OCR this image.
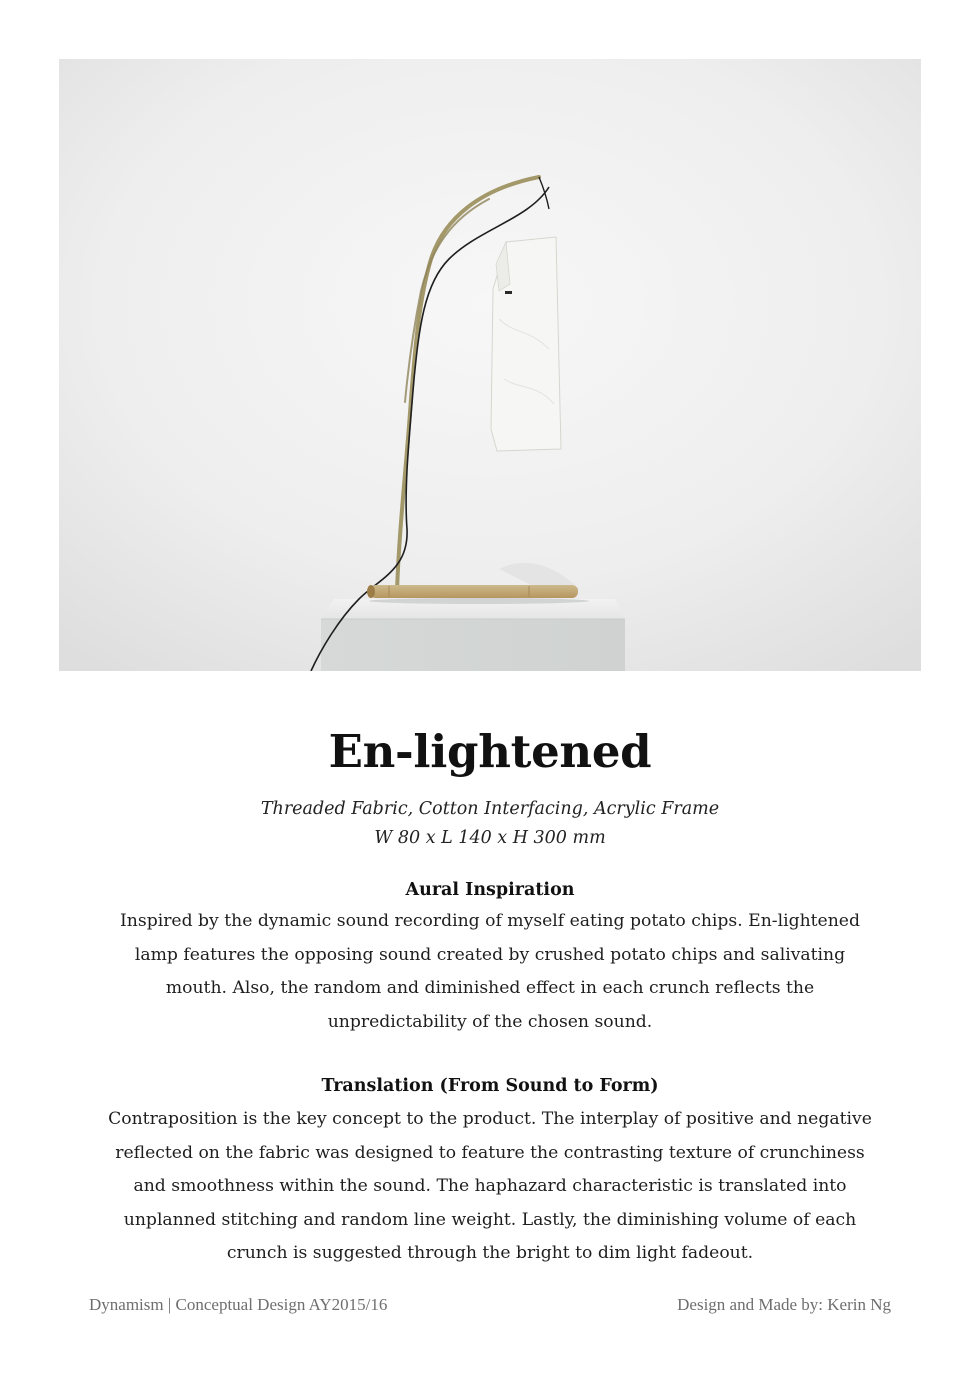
En-lightened
Threaded Fabric, Cotton Interfacing, Acrylic Frame
W 80 x L 140 x H 300 mm
Aural Inspiration
Inspired by the dynamic sound recording of myself eating potato chips. En-lightened
lamp features the opposing sound created by crushed potato chips and salivating
mouth. Also, the random and diminished effect in each crunch reflects the
unpredictability of the chosen sound.
Translation (From Sound to Form)
Contraposition is the key concept to the product. The interplay of positive and negative
reflected on the fabric was designed to feature the contrasting texture of crunchiness
and smoothness within the sound. The haphazard characteristic is translated into
unplanned stitching and random line weight. Lastly, the diminishing volume of each
crunch is suggested through the bright to dim light fadeout.
Dynamism | Conceptual Design AY2015/16	Design and Made by: Kerin Ng
